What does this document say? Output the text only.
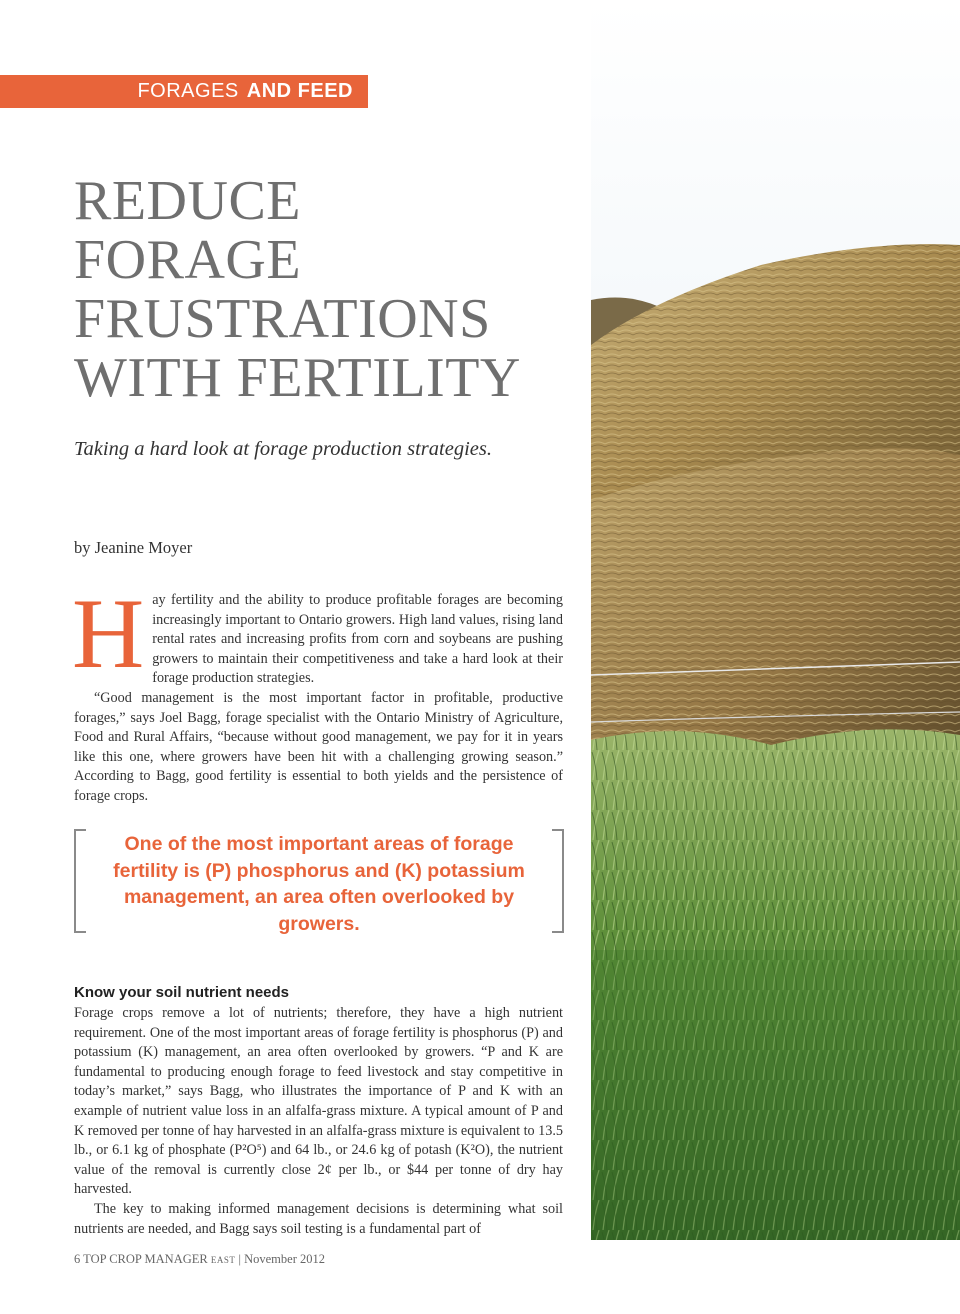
FORAGES AND FEED
REDUCE
FORAGE
FRUSTRATIONS
WITH FERTILITY
Taking a hard look at forage production strategies.
by Jeanine Moyer
Hay fertility and the ability to produce profitable forages are becoming increasingly important to Ontario growers. High land values, rising land rental rates and increasing profits from corn and soybeans are pushing growers to maintain their competitiveness and take a hard look at their forage production strategies.
“Good management is the most important factor in profitable, productive forages,” says Joel Bagg, forage specialist with the Ontario Ministry of Agriculture, Food and Rural Affairs, “because without good management, we pay for it in years like this one, where growers have been hit with a challenging growing season.” According to Bagg, good fertility is essential to both yields and the persistence of forage crops.
One of the most important areas of forage fertility is (P) phosphorus and (K) potassium management, an area often overlooked by growers.
Know your soil nutrient needs
Forage crops remove a lot of nutrients; therefore, they have a high nutrient requirement. One of the most important areas of forage fertility is phosphorus (P) and potassium (K) management, an area often overlooked by growers. “P and K are fundamental to producing enough forage to feed livestock and stay competitive in today’s market,” says Bagg, who illustrates the importance of P and K with an example of nutrient value loss in an alfalfa-grass mixture. A typical amount of P and K removed per tonne of hay harvested in an alfalfa-grass mixture is equivalent to 13.5 lb., or 6.1 kg of phosphate (P²O⁵) and 64 lb., or 24.6 kg of potash (K²O), the nutrient value of the removal is currently close 2¢ per lb., or $44 per tonne of dry hay harvested.
The key to making informed management decisions is determining what soil nutrients are needed, and Bagg says soil testing is a fundamental part of
6 TOP CROP MANAGER EAST | November 2012
